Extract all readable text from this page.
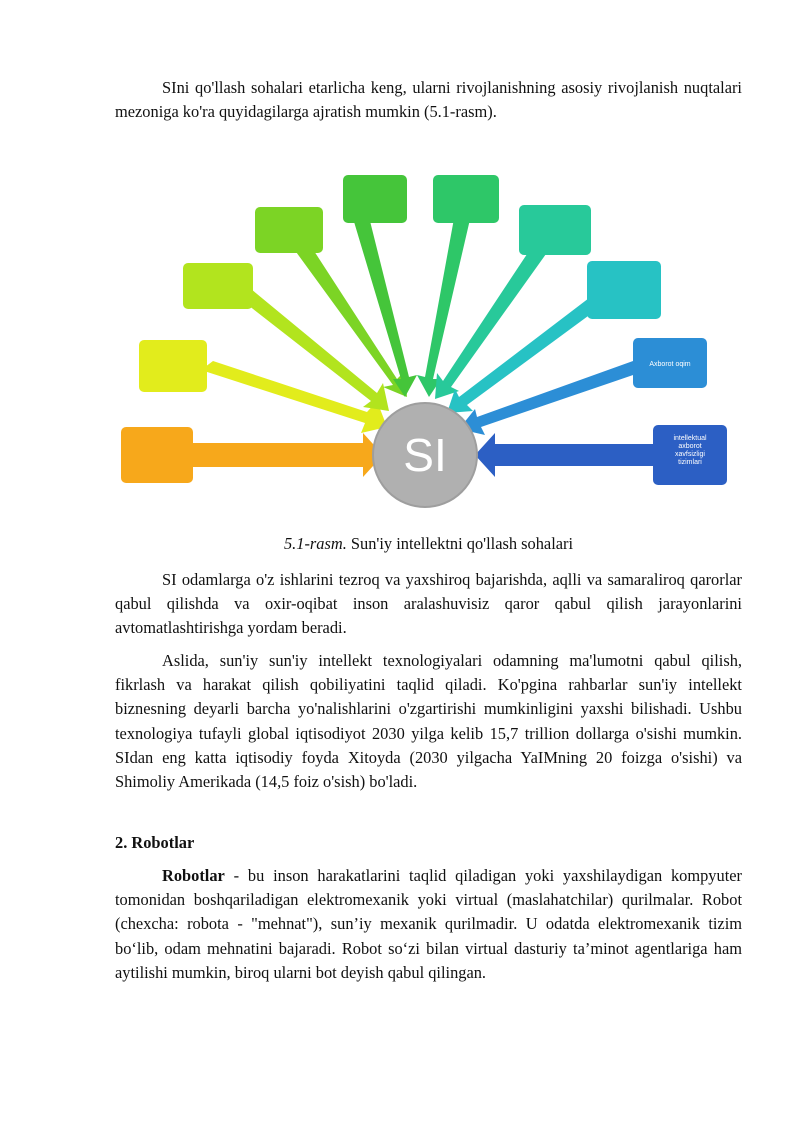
SIni qo'llash sohalari etarlicha keng, ularni rivojlanishning asosiy rivojlanish nuqtalari mezoniga ko'ra quyidagilarga ajratish mumkin (5.1-rasm).

Axborot oqim
intellektual axborot xavfsizligi tizimlari
SI
5.1-rasm. Sun'iy intellektni qo'llash sohalari

SI odamlarga o'z ishlarini tezroq va yaxshiroq bajarishda, aqlli va samaraliroq qarorlar qabul qilishda va oxir-oqibat inson aralashuvisiz qaror qabul qilish jarayonlarini avtomatlashtirishga yordam beradi.

Aslida, sun'iy sun'iy intellekt texnologiyalari odamning ma'lumotni qabul qilish, fikrlash va harakat qilish qobiliyatini taqlid qiladi. Ko'pgina rahbarlar sun'iy intellekt biznesning deyarli barcha yo'nalishlarini o'zgartirishi mumkinligini yaxshi bilishadi. Ushbu texnologiya tufayli global iqtisodiyot 2030 yilga kelib 15,7 trillion dollarga o'sishi mumkin. SIdan eng katta iqtisodiy foyda Xitoyda (2030 yilgacha YaIMning 20 foizga o'sishi) va Shimoliy Amerikada (14,5 foiz o'sish) bo'ladi.

2. Robotlar

Robotlar - bu inson harakatlarini taqlid qiladigan yoki yaxshilaydigan kompyuter tomonidan boshqariladigan elektromexanik yoki virtual (maslahatchilar) qurilmalar. Robot (chexcha: robota - "mehnat"), sun’iy mexanik qurilmadir. U odatda elektromexanik tizim bo‘lib, odam mehnatini bajaradi. Robot so‘zi bilan virtual dasturiy ta’minot agentlariga ham aytilishi mumkin, biroq ularni bot deyish qabul qilingan.
